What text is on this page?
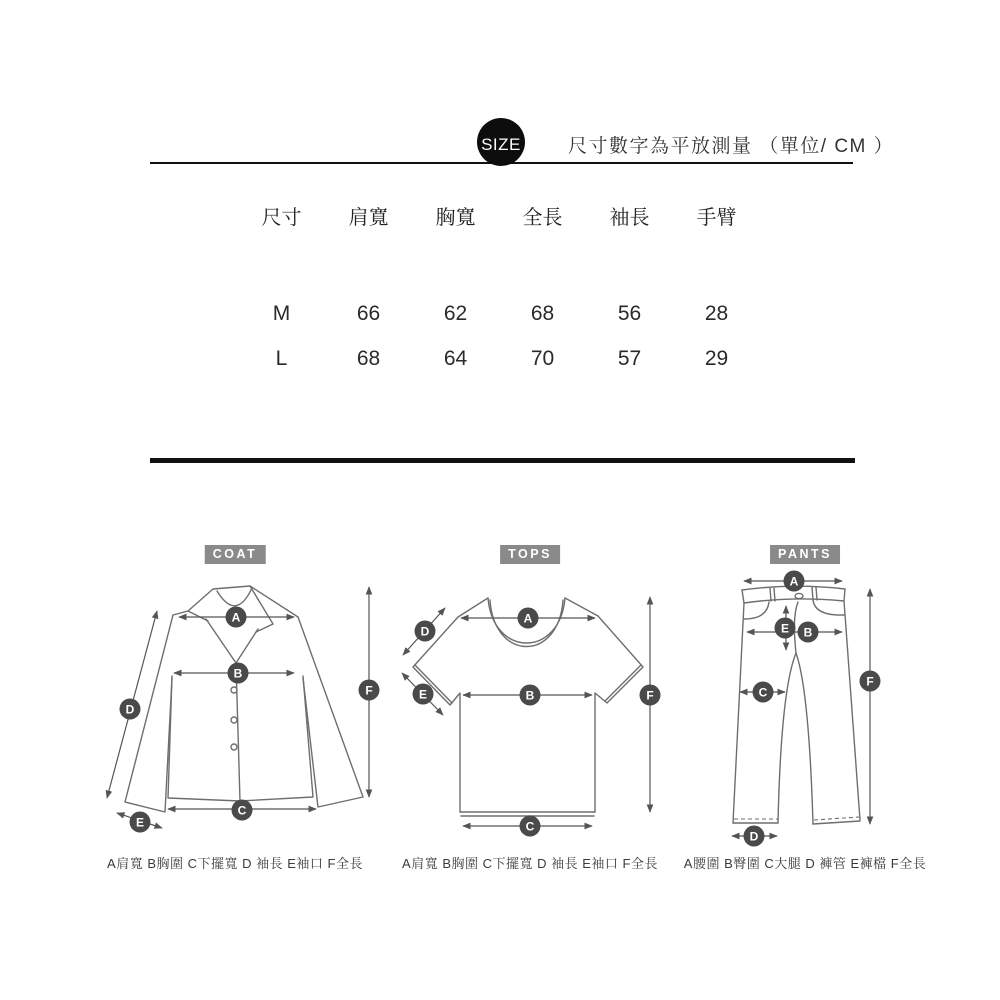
SIZE 尺寸數字為平放測量 （單位/ CM ）
尺寸	肩寬	胸寬	全長	袖長	手臂
M	66	62	68	56	28
L	68	64	70	57	29
COAT
A
B
C
D
E
F
A肩寬 B胸圍 C下擺寬 D 袖長 E袖口 F全長
TOPS
A
B
C
D
E	F
A肩寬 B胸圍 C下擺寬 D 袖長 E袖口 F全長
PANTS
A
E B
C
D
F
A腰圍 B臀圍 C大腿 D 褲管 E褲檔 F全長
